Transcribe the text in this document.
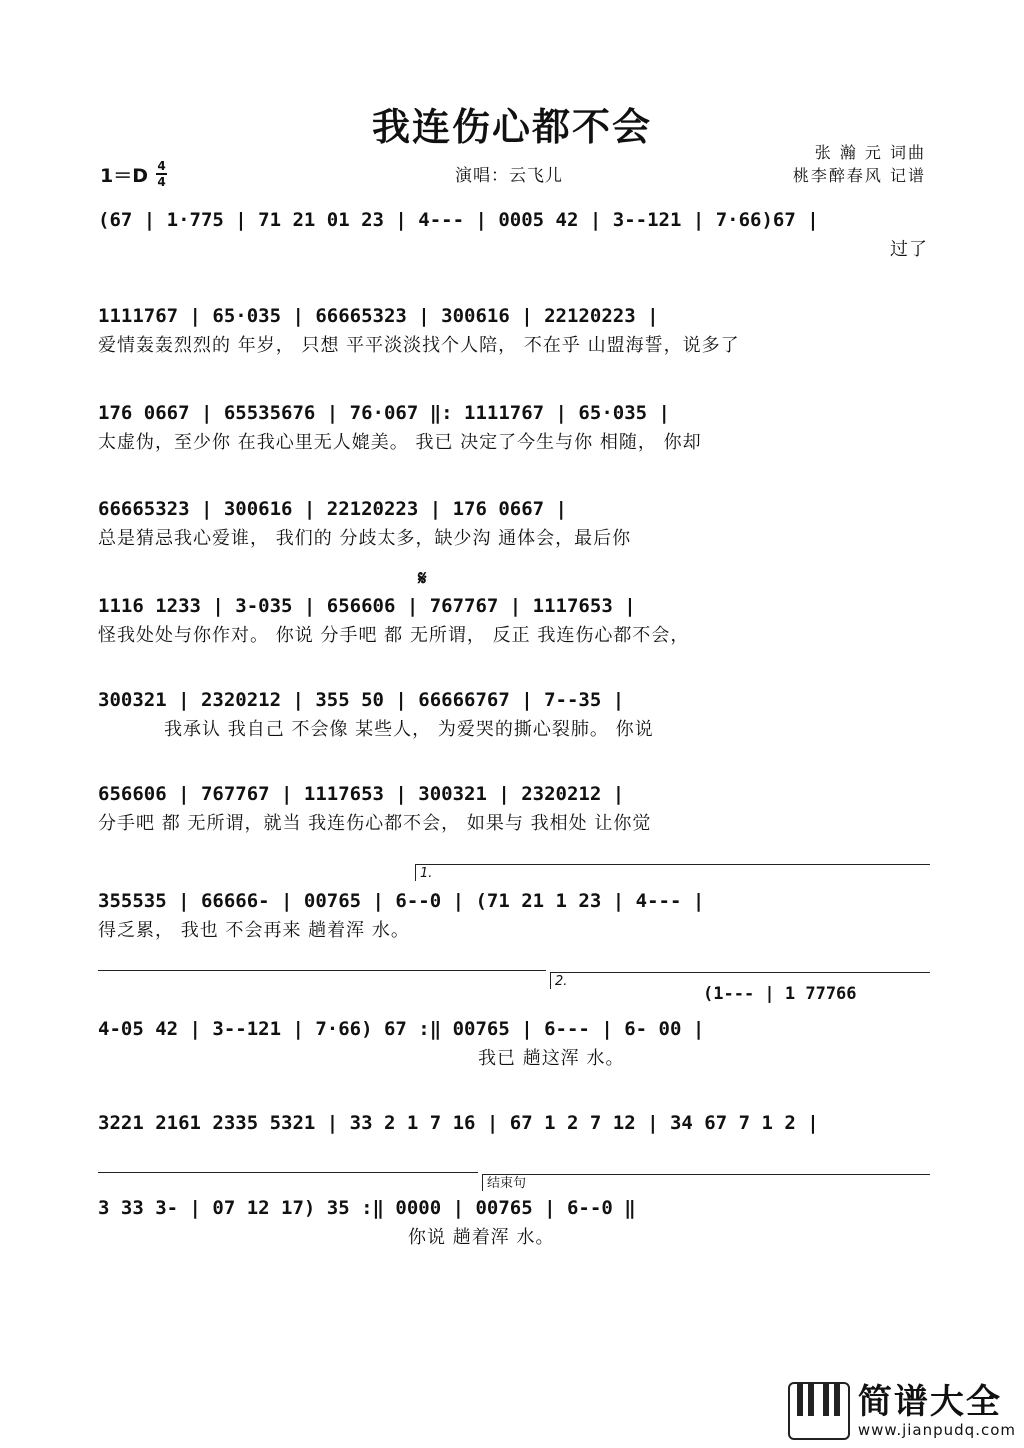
我连伤心都不会
张 瀚 元 词曲
桃李醉春风 记谱
演唱：云飞儿
1＝D 4
4
(67 | 1·775 | 71 21 01 23 | 4--- | 0005 42 | 3--121 | 7·66)67 |
过了
1111767 | 65·035 | 66665323 | 300616 | 22120223 |
爱情轰轰烈烈的 年岁， 只想 平平淡淡找个人陪， 不在乎 山盟海誓，说多了
176 0667 | 65535676 | 76·067 ‖: 1111767 | 65·035 |
太虚伪，至少你 在我心里无人媲美。 我已 决定了今生与你 相随， 你却
66665323 | 300616 | 22120223 | 176 0667 |
总是猜忌我心爱谁， 我们的 分歧太多，缺少沟 通体会，最后你
𝄋
1116 1233 | 3-035 | 656606 | 767767 | 1117653 |
怪我处处与你作对。 你说 分手吧 都 无所谓， 反正 我连伤心都不会，
300321 | 2320212 | 355 50 | 66666767 | 7--35 |
我承认 我自己 不会像 某些人， 为爱哭的撕心裂肺。 你说
656606 | 767767 | 1117653 | 300321 | 2320212 |
分手吧 都 无所谓，就当 我连伤心都不会， 如果与 我相处 让你觉
1.
355535 | 66666- | 00765 | 6--0 | (71 21 1 23 | 4--- |
得乏累， 我也 不会再来 趟着浑 水。
2.
(1--- | 1 77766
4-05 42 | 3--121 | 7·66) 67 :‖ 00765 | 6--- | 6- 00 |
我已 趟这浑 水。
3221 2161 2335 5321 | 33 2 1 7 16 | 67 1 2 7 12 | 34 67 7 1 2 |
结束句
3 33 3- | 07 12 17) 35 :‖ 0000 | 00765 | 6--0 ‖
你说 趟着浑 水。
简谱大全
www.jianpudq.com
